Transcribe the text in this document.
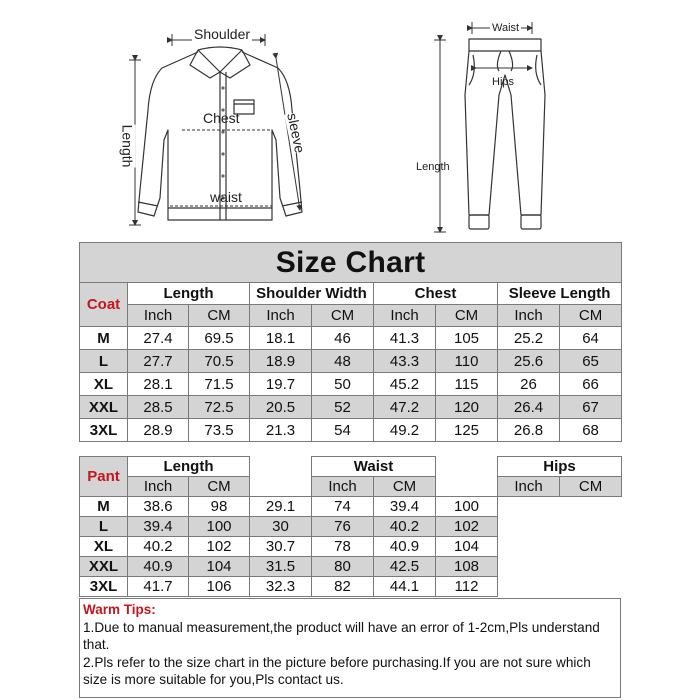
Shoulder
Chest
waist
Length	sleeve
Waist
Hips
Length
Size Chart								
Coat	Length		Shoulder Width		Chest		Sleeve Length	
	Inch	CM	Inch	CM	Inch	CM	Inch	CM
M	27.4	69.5	18.1	46	41.3	105	25.2	64
L	27.7	70.5	18.9	48	43.3	110	25.6	65
XL	28.1	71.5	19.7	50	45.2	115	26	66
XXL	28.5	72.5	20.5	52	47.2	120	26.4	67
3XL	28.9	73.5	21.3	54	49.2	125	26.8	68
Pant	Length			Waist			Hips	
	Inch	CM		Inch	CM		Inch	CM
M	38.6	98	29.1	74	39.4	100		
L	39.4	100	30	76	40.2	102		
XL	40.2	102	30.7	78	40.9	104		
XXL	40.9	104	31.5	80	42.5	108		
3XL	41.7	106	32.3	82	44.1	112		
Warm Tips:
1.Due to manual measurement,the product will have an error of 1-2cm,Pls understand that.
2.Pls refer to the size chart in the picture before purchasing.If you are not sure which size is more suitable for you,Pls contact us.
